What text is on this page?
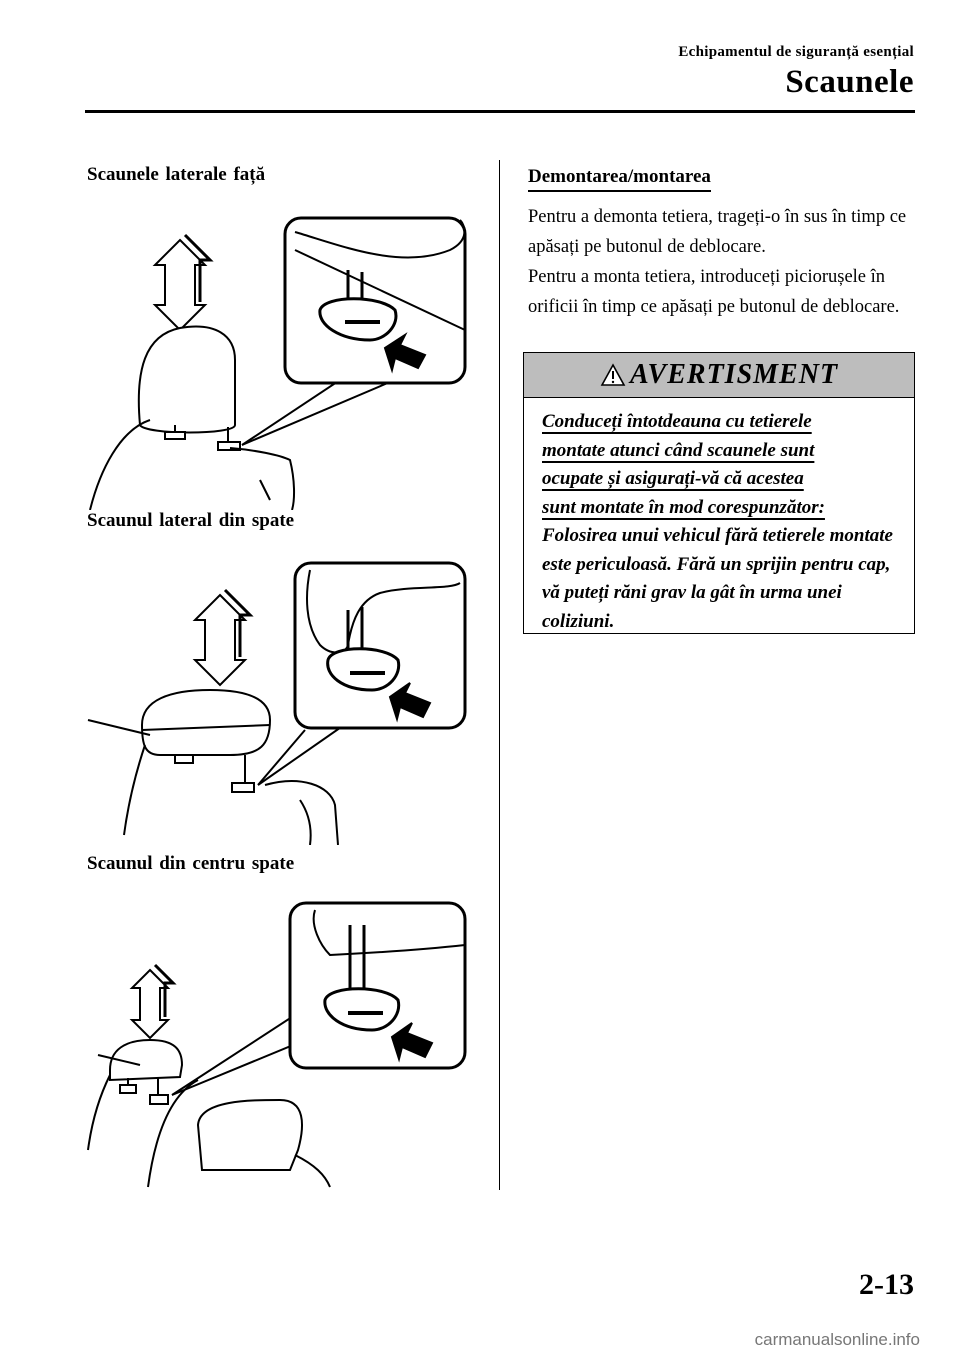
Echipamentul de siguranță esențial
Scaunele
Scaunele laterale față
Scaunul lateral din spate
Scaunul din centru spate
Demontarea/montarea

Pentru a demonta tetiera, trageți-o în sus în timp ce apăsați pe butonul de deblocare.

Pentru a monta tetiera, introduceți piciorușele în orificii în timp ce apăsați pe butonul de deblocare.

AVERTISMENT
Conduceți întotdeauna cu tetierele
montate atunci când scaunele sunt
ocupate și asigurați-vă că acestea
sunt montate în mod corespunzător:

Folosirea unui vehicul fără tetierele montate este periculoasă. Fără un sprijin pentru cap, vă puteți răni grav la gât în urma unei coliziuni.
2-13
carmanualsonline.info
